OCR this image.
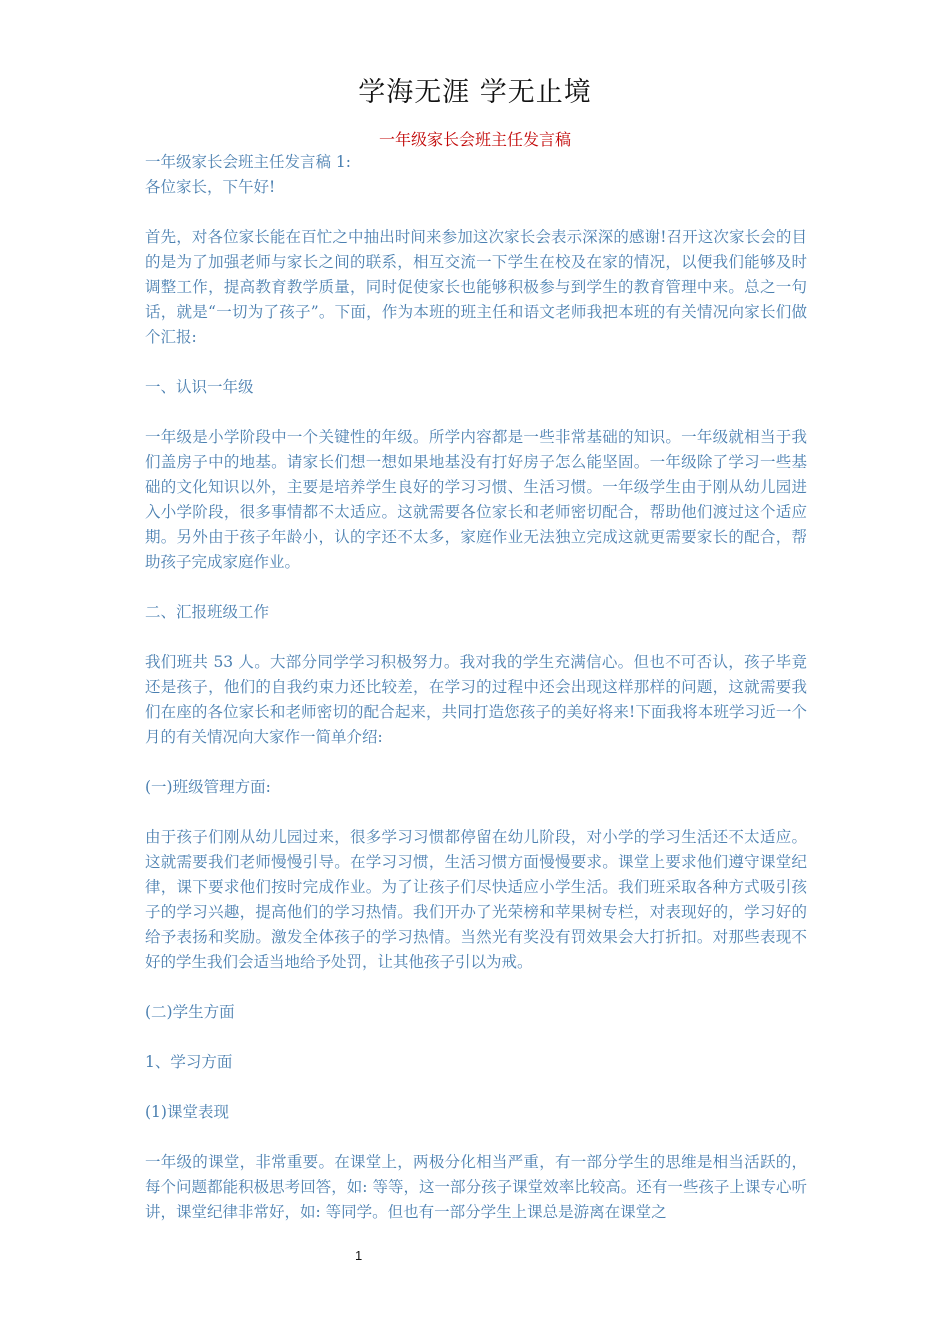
学海无涯 学无止境
一年级家长会班主任发言稿

一年级家长会班主任发言稿 1:

各位家长，下午好!

首先，对各位家长能在百忙之中抽出时间来参加这次家长会表示深深的感谢!召开这次家长会的目的是为了加强老师与家长之间的联系，相互交流一下学生在校及在家的情况，以便我们能够及时调整工作，提高教育教学质量，同时促使家长也能够积极参与到学生的教育管理中来。总之一句话，就是“一切为了孩子”。下面，作为本班的班主任和语文老师我把本班的有关情况向家长们做个汇报:

一、认识一年级

一年级是小学阶段中一个关键性的年级。所学内容都是一些非常基础的知识。一年级就相当于我们盖房子中的地基。请家长们想一想如果地基没有打好房子怎么能坚固。一年级除了学习一些基础的文化知识以外，主要是培养学生良好的学习习惯、生活习惯。一年级学生由于刚从幼儿园进入小学阶段，很多事情都不太适应。这就需要各位家长和老师密切配合，帮助他们渡过这个适应期。另外由于孩子年龄小，认的字还不太多，家庭作业无法独立完成这就更需要家长的配合，帮助孩子完成家庭作业。

二、汇报班级工作

我们班共 53 人。大部分同学学习积极努力。我对我的学生充满信心。但也不可否认，孩子毕竟还是孩子，他们的自我约束力还比较差，在学习的过程中还会出现这样那样的问题，这就需要我们在座的各位家长和老师密切的配合起来，共同打造您孩子的美好将来!下面我将本班学习近一个月的有关情况向大家作一简单介绍:

(一)班级管理方面:

由于孩子们刚从幼儿园过来，很多学习习惯都停留在幼儿阶段，对小学的学习生活还不太适应。这就需要我们老师慢慢引导。在学习习惯，生活习惯方面慢慢要求。课堂上要求他们遵守课堂纪律，课下要求他们按时完成作业。为了让孩子们尽快适应小学生活。我们班采取各种方式吸引孩子的学习兴趣，提高他们的学习热情。我们开办了光荣榜和苹果树专栏，对表现好的，学习好的给予表扬和奖励。激发全体孩子的学习热情。当然光有奖没有罚效果会大打折扣。对那些表现不好的学生我们会适当地给予处罚，让其他孩子引以为戒。

(二)学生方面

1、学习方面

(1)课堂表现

一年级的课堂，非常重要。在课堂上，两极分化相当严重，有一部分学生的思维是相当活跃的，每个问题都能积极思考回答，如: 等等，这一部分孩子课堂效率比较高。还有一些孩子上课专心听讲，课堂纪律非常好，如: 等同学。但也有一部分学生上课总是游离在课堂之

1
